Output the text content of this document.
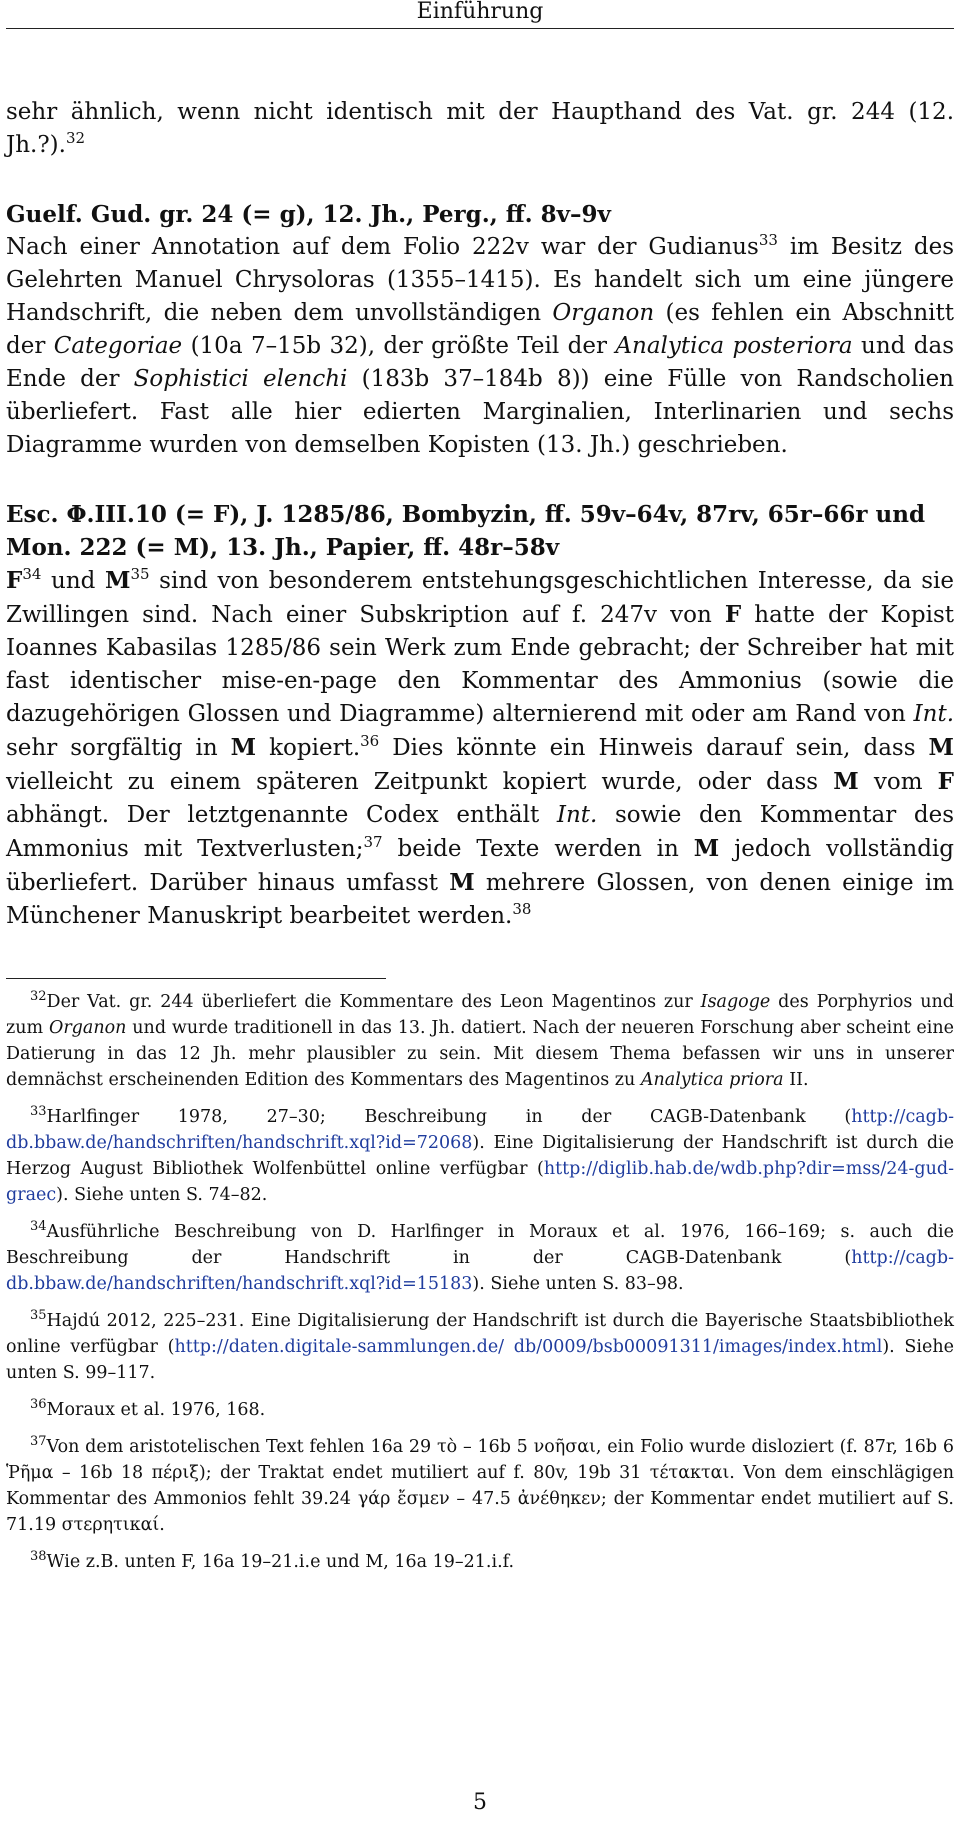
Einführung

sehr ähnlich, wenn nicht identisch mit der Haupthand des Vat. gr. 244 (12. Jh.?).$^{32}$

Guelf. Gud. gr. 24 (= g), 12. Jh., Perg., ff. 8v–9v

Nach einer Annotation auf dem Folio 222v war der Gudianus$^{33}$ im Besitz des Gelehrten Manuel Chrysoloras (1355–1415). Es handelt sich um eine jüngere Handschrift, die neben dem unvollständigen Organon (es fehlen ein Abschnitt der Categoriae (10a 7–15b 32), der größte Teil der Analytica posteriora und das Ende der Sophistici elenchi (183b 37–184b 8)) eine Fülle von Randscholien überliefert. Fast alle hier edierten Marginalien, Interlinarien und sechs Diagramme wurden von demselben Kopisten (13. Jh.) geschrieben.

Esc. Φ.III.10 (= F), J. 1285/86, Bombyzin, ff. 59v–64v, 87rv, 65r–66r und Mon. 222 (= M), 13. Jh., Papier, ff. 48r–58v

$F^{34}$ und $M^{35}$ sind von besonderem entstehungsgeschichtlichen Interesse, da sie Zwillingen sind. Nach einer Subskription auf f. 247v von F hatte der Kopist Ioannes Kabasilas 1285/86 sein Werk zum Ende gebracht; der Schreiber hat mit fast identischer mise-en-page den Kommentar des Ammonius (sowie die dazugehörigen Glossen und Diagramme) alternierend mit oder am Rand von Int. sehr sorgfältig in M kopiert.$^{36}$ Dies könnte ein Hinweis darauf sein, dass M vielleicht zu einem späteren Zeitpunkt kopiert wurde, oder dass M vom F abhängt. Der letztgenannte Codex enthält Int. sowie den Kommentar des Ammonius mit Textverlusten;$^{37}$ beide Texte werden in M jedoch vollständig überliefert. Darüber hinaus umfasst M mehrere Glossen, von denen einige im Münchener Manuskript bearbeitet werden.$^{38}$

$^{32}$Der Vat. gr. 244 überliefert die Kommentare des Leon Magentinos zur Isagoge des Porphyrios und zum Organon und wurde traditionell in das 13. Jh. datiert. Nach der neueren Forschung aber scheint eine Datierung in das 12 Jh. mehr plausibler zu sein. Mit diesem Thema befassen wir uns in unserer demnächst erscheinenden Edition des Kommentars des Magentinos zu Analytica priora II.

$^{33}$Harlfinger 1978, 27–30; Beschreibung in der CAGB-Datenbank (http://cagb-db.bbaw.de/handschriften/handschrift.xql?id=72068). Eine Digitalisierung der Handschrift ist durch die Herzog August Bibliothek Wolfenbüttel online verfügbar (http://diglib.hab.de/wdb.php?dir=mss/24-gud-graec). Siehe unten S. 74–82.

$^{34}$Ausführliche Beschreibung von D. Harlfinger in Moraux et al. 1976, 166–169; s. auch die Beschreibung der Handschrift in der CAGB-Datenbank (http://cagb-db.bbaw.de/handschriften/handschrift.xql?id=15183). Siehe unten S. 83–98.

$^{35}$Hajdú 2012, 225–231. Eine Digitalisierung der Handschrift ist durch die Bayerische Staatsbibliothek online verfügbar (http://daten.digitale-sammlungen.de/ db/0009/bsb00091311/images/index.html). Siehe unten S. 99–117.

$^{36}$Moraux et al. 1976, 168.

$^{37}$Von dem aristotelischen Text fehlen 16a 29 τὸ – 16b 5 νοῆσαι, ein Folio wurde disloziert (f. 87r, 16b 6 Ῥῆμα – 16b 18 πέριξ); der Traktat endet mutiliert auf f. 80v, 19b 31 τέτακται. Von dem einschlägigen Kommentar des Ammonios fehlt 39.24 γάρ ἔσμεν – 47.5 ἀνέθηκεν; der Kommentar endet mutiliert auf S. 71.19 στερητικαί.

$^{38}$Wie z.B. unten F, 16a 19–21.i.e und M, 16a 19–21.i.f.

5
